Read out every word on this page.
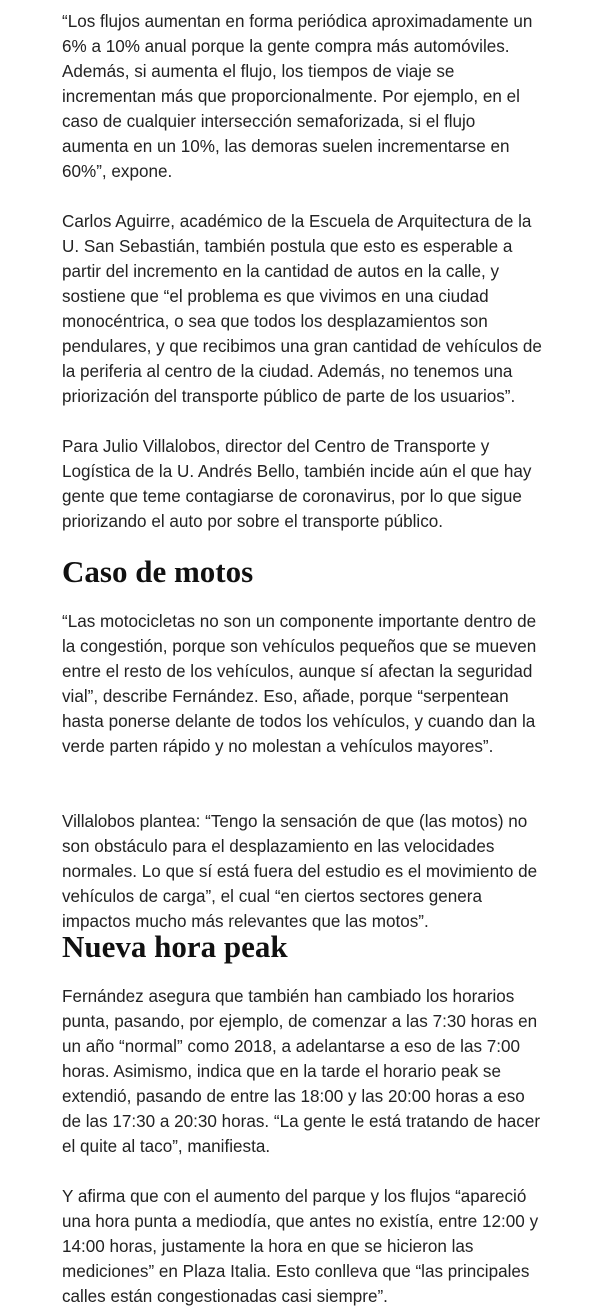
“Los flujos aumentan en forma periódica aproximadamente un
6% a 10% anual porque la gente compra más automóviles.
Además, si aumenta el flujo, los tiempos de viaje se
incrementan más que proporcionalmente. Por ejemplo, en el
caso de cualquier intersección semaforizada, si el flujo
aumenta en un 10%, las demoras suelen incrementarse en
60%”, expone.

Carlos Aguirre, académico de la Escuela de Arquitectura de la
U. San Sebastián, también postula que esto es esperable a
partir del incremento en la cantidad de autos en la calle, y
sostiene que “el problema es que vivimos en una ciudad
monocéntrica, o sea que todos los desplazamientos son
pendulares, y que recibimos una gran cantidad de vehículos de
la periferia al centro de la ciudad. Además, no tenemos una
priorización del transporte público de parte de los usuarios”.

Para Julio Villalobos, director del Centro de Transporte y
Logística de la U. Andrés Bello, también incide aún el que hay
gente que teme contagiarse de coronavirus, por lo que sigue
priorizando el auto por sobre el transporte público.

Caso de motos

“Las motocicletas no son un componente importante dentro de
la congestión, porque son vehículos pequeños que se mueven
entre el resto de los vehículos, aunque sí afectan la seguridad
vial”, describe Fernández. Eso, añade, porque “serpentean
hasta ponerse delante de todos los vehículos, y cuando dan la
verde parten rápido y no molestan a vehículos mayores”.

Villalobos plantea: “Tengo la sensación de que (las motos) no
son obstáculo para el desplazamiento en las velocidades
normales. Lo que sí está fuera del estudio es el movimiento de
vehículos de carga”, el cual “en ciertos sectores genera
impactos mucho más relevantes que las motos”.

Nueva hora peak

Fernández asegura que también han cambiado los horarios
punta, pasando, por ejemplo, de comenzar a las 7:30 horas en
un año “normal” como 2018, a adelantarse a eso de las 7:00
horas. Asimismo, indica que en la tarde el horario peak se
extendió, pasando de entre las 18:00 y las 20:00 horas a eso
de las 17:30 a 20:30 horas. “La gente le está tratando de hacer
el quite al taco”, manifiesta.

Y afirma que con el aumento del parque y los flujos “apareció
una hora punta a mediodía, que antes no existía, entre 12:00 y
14:00 horas, justamente la hora en que se hicieron las
mediciones” en Plaza Italia. Esto conlleva que “las principales
calles están congestionadas casi siempre”.
